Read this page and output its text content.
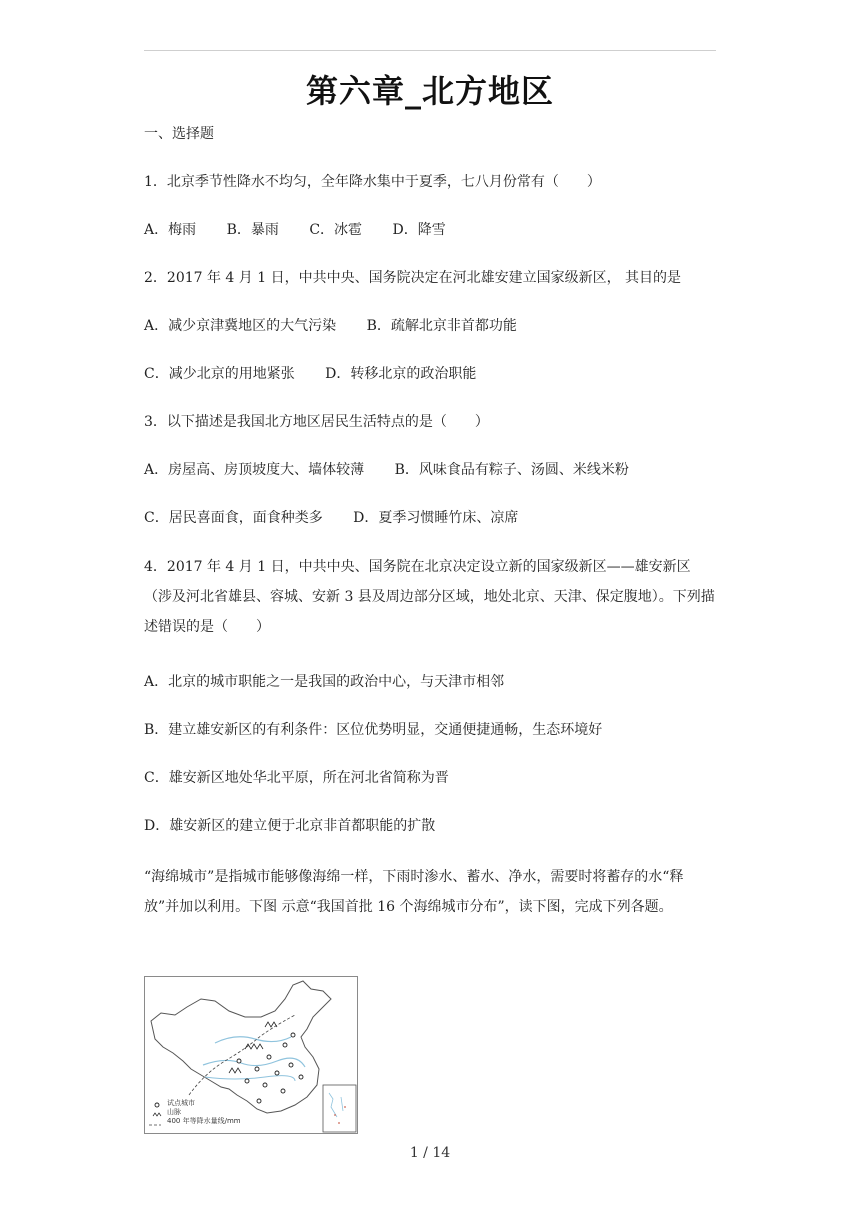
第六章_北方地区
一、选择题
1．北京季节性降水不均匀，全年降水集中于夏季，七八月份常有（　　）
A．梅雨 B．暴雨 C．冰雹 D．降雪
2．2017 年 4 月 1 日，中共中央、国务院决定在河北雄安建立国家级新区， 其目的是
A．减少京津冀地区的大气污染 B．疏解北京非首都功能
C．减少北京的用地紧张 D．转移北京的政治职能
3．以下描述是我国北方地区居民生活特点的是（　　）
A．房屋高、房顶坡度大、墙体较薄 B．风味食品有粽子、汤圆、米线米粉
C．居民喜面食，面食种类多 D．夏季习惯睡竹床、凉席
4．2017 年 4 月 1 日，中共中央、国务院在北京决定设立新的国家级新区——雄安新区（涉及河北省雄县、容城、安新 3 县及周边部分区域，地处北京、天津、保定腹地）。下列描述错误的是（　　）
A．北京的城市职能之一是我国的政治中心，与天津市相邻
B．建立雄安新区的有利条件：区位优势明显，交通便捷通畅，生态环境好
C．雄安新区地处华北平原，所在河北省简称为晋
D．雄安新区的建立便于北京非首都职能的扩散
“海绵城市”是指城市能够像海绵一样，下雨时渗水、蓄水、净水，需要时将蓄存的水“释放”并加以利用。下图 示意“我国首批 16 个海绵城市分布”，读下图，完成下列各题。
试点城市
山脉
400 年等降水量线/mm
1 / 14
